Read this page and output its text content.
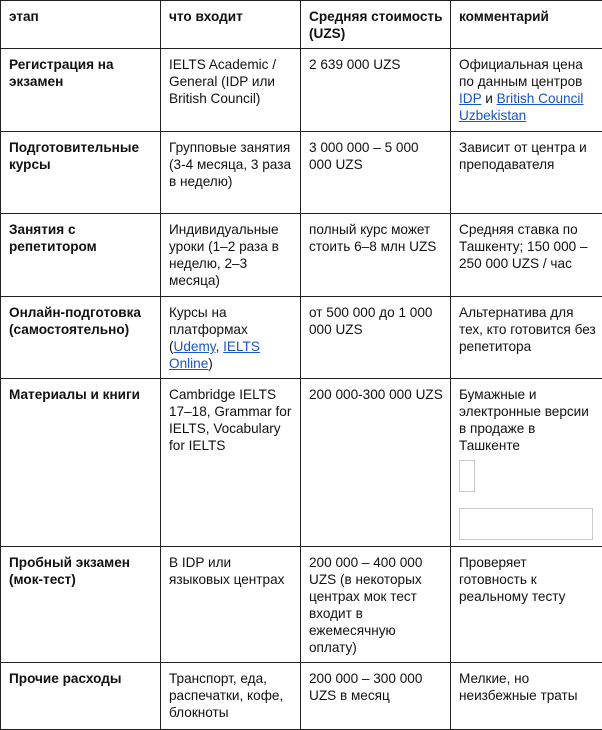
этап	что входит	Средняя стоимость (UZS)	комментарий
Регистрация на экзамен	IELTS Academic / General (IDP или British Council)	2 639 000 UZS	Официальная цена по данным центров IDP и British Council Uzbekistan
Подготовительные курсы	Групповые занятия (3-4 месяца, 3 раза в неделю)	3 000 000 – 5 000 000 UZS	Зависит от центра и преподавателя
Занятия с репетитором	Индивидуальные уроки (1–2 раза в неделю, 2–3 месяца)	полный курс может стоить 6–8 млн UZS	Средняя ставка по Ташкенту; 150 000 – 250 000 UZS / час
Онлайн-подготовка (самостоятельно)	Курсы на платформах (Udemy, IELTS Online)	от 500 000 до 1 000 000 UZS	Альтернатива для тех, кто готовится без репетитора
Материалы и книги	Cambridge IELTS 17–18, Grammar for IELTS, Vocabulary for IELTS	200 000-300 000 UZS	Бумажные и электронные версии в продаже в Ташкенте

Пробный экзамен (мок-тест)	В IDP или языковых центрах	200 000 – 400 000 UZS (в некоторых центрах мок тест входит в ежемесячную оплату)	Проверяет готовность к реальному тесту
Прочие расходы	Транспорт, еда, распечатки, кофе, блокноты	200 000 – 300 000 UZS в месяц	Мелкие, но неизбежные траты
